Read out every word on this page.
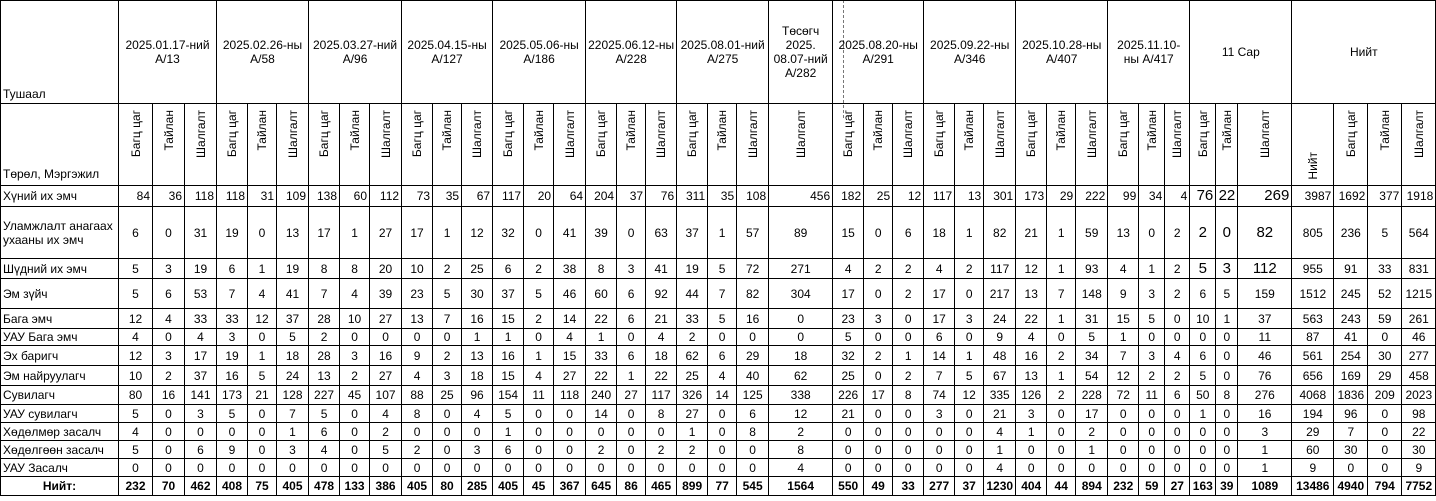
Тушаал	2025.01.17-ний А/13			2025.02.26-ны А/58			2025.03.27-ний А/96			2025.04.15-ны А/127			2025.05.06-ны А/186			22025.06.12-ны А/228			2025.08.01-ний А/275			Төсөгч 2025. 08.07-ний А/282	2025.08.20-ны А/291			2025.09.22-ны А/346			2025.10.28-ны А/407			2025.11.10-ны А/417			11 Сар			Нийт			
Төрөл, Мэргэжил	Багц цаг	Тайлан	Шалгалт	Багц цаг	Тайлан	Шалгалт	Багц цаг	Тайлан	Шалгалт	Багц цаг	Тайлан	Шалгалт	Багц цаг	Тайлан	Шалгалт	Багц цаг	Тайлан	Шалгалт	Багц цаг	Тайлан	Шалгалт	Шалгалт	Багц цаг	Тайлан	Шалгалт	Багц цаг	Тайлан	Шалгалт	Багц цаг	Тайлан	Шалгалт	Багц цаг	Тайлан	Шалгалт	Багц цаг	Тайлан	Шалгалт	Нийт	Багц цаг	Тайлан	Шалгалт
Хүний их эмч	84	36	118	118	31	109	138	60	112	73	35	67	117	20	64	204	37	76	311	35	108	456	182	25	12	117	13	301	173	29	222	99	34	4	76	22	269	3987	1692	377	1918
Уламжлалт анагаах ухааны их эмч	6	0	31	19	0	13	17	1	27	17	1	12	32	0	41	39	0	63	37	1	57	89	15	0	6	18	1	82	21	1	59	13	0	2	2	0	82	805	236	5	564
Шүдний их эмч	5	3	19	6	1	19	8	8	20	10	2	25	6	2	38	8	3	41	19	5	72	271	4	2	2	4	2	117	12	1	93	4	1	2	5	3	112	955	91	33	831
Эм зүйч	5	6	53	7	4	41	7	4	39	23	5	30	37	5	46	60	6	92	44	7	82	304	17	0	2	17	0	217	13	7	148	9	3	2	6	5	159	1512	245	52	1215
Бага эмч	12	4	33	33	12	37	28	10	27	13	7	16	15	2	14	22	6	21	33	5	16	0	23	3	0	17	3	24	22	1	31	15	5	0	10	1	37	563	243	59	261
УАУ Бага эмч	4	0	4	3	0	5	2	0	0	0	0	1	1	0	4	1	0	4	2	0	0	0	5	0	0	6	0	9	4	0	5	1	0	0	0	0	11	87	41	0	46
Эх баригч	12	3	17	19	1	18	28	3	16	9	2	13	16	1	15	33	6	18	62	6	29	18	32	2	1	14	1	48	16	2	34	7	3	4	6	0	46	561	254	30	277
Эм найруулагч	10	2	37	16	5	24	13	2	27	4	3	18	15	4	27	22	1	22	25	4	40	62	25	0	2	7	5	67	13	1	54	12	2	2	5	0	76	656	169	29	458
Сувилагч	80	16	141	173	21	128	227	45	107	88	25	96	154	11	118	240	27	117	326	14	125	338	226	17	8	74	12	335	126	2	228	72	11	6	50	8	276	4068	1836	209	2023
УАУ сувилагч	5	0	3	5	0	7	5	0	4	8	0	4	5	0	0	14	0	8	27	0	6	12	21	0	0	3	0	21	3	0	17	0	0	0	1	0	16	194	96	0	98
Хөдөлмөр засалч	4	0	0	0	0	1	6	0	2	0	0	0	1	0	0	0	0	0	1	0	8	2	0	0	0	0	0	4	1	0	2	0	0	0	0	0	3	29	7	0	22
Хөдөлгөөн засалч	5	0	6	9	0	3	4	0	5	2	0	3	6	0	0	2	0	2	2	0	0	8	0	0	0	0	0	1	0	0	1	0	0	0	0	0	1	60	30	0	30
УАУ Засалч	0	0	0	0	0	0	0	0	0	0	0	0	0	0	0	0	0	0	0	0	0	4	0	0	0	0	0	4	0	0	0	0	0	0	0	0	1	9	0	0	9
Нийт:	232	70	462	408	75	405	478	133	386	405	80	285	405	45	367	645	86	465	899	77	545	1564	550	49	33	277	37	1230	404	44	894	232	59	27	163	39	1089	13486	4940	794	7752
